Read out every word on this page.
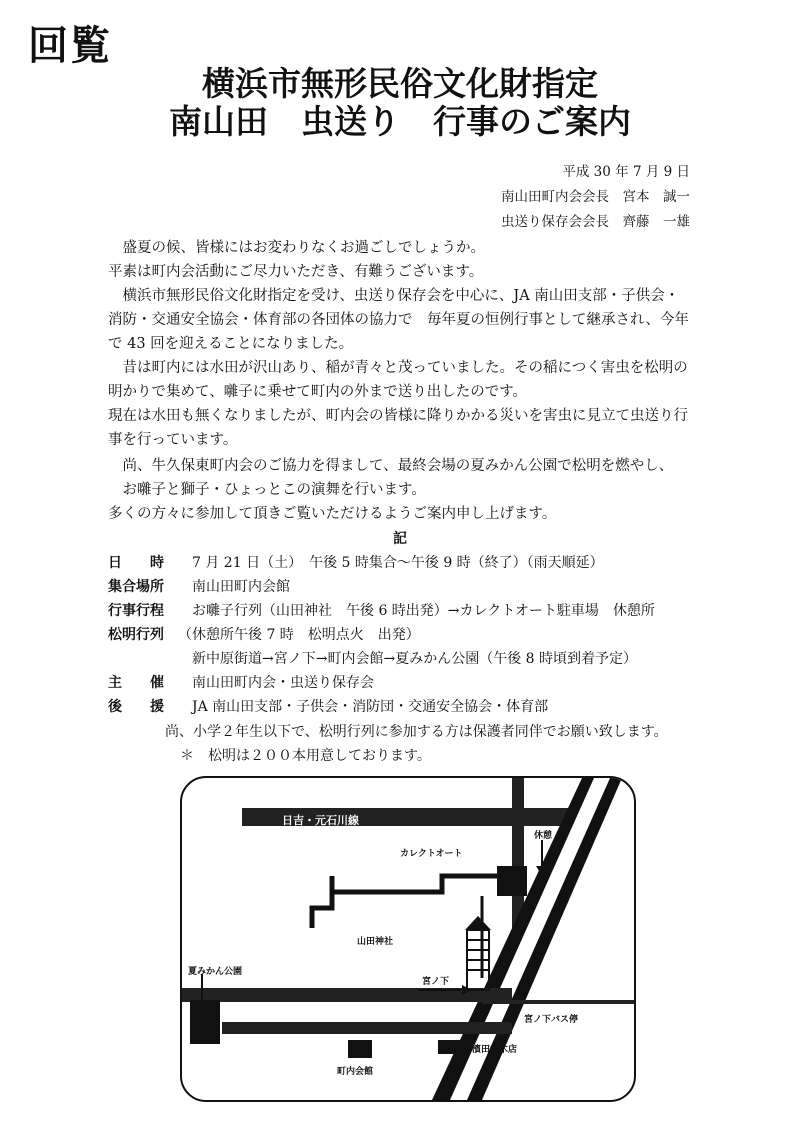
回覧
横浜市無形民俗文化財指定
南山田　虫送り　行事のご案内
平成 30 年 7 月 9 日
南山田町内会会長　宮本　誠一
虫送り保存会会長　齊藤　一雄
　盛夏の候、皆様にはお変わりなくお過ごしでしょうか。
平素は町内会活動にご尽力いただき、有難うございます。
　横浜市無形民俗文化財指定を受け、虫送り保存会を中心に、JA 南山田支部・子供会・
消防・交通安全協会・体育部の各団体の協力で　毎年夏の恒例行事として継承され、今年
で 43 回を迎えることになりました。
　昔は町内には水田が沢山あり、稲が青々と茂っていました。その稲につく害虫を松明の
明かりで集めて、囃子に乗せて町内の外まで送り出したのです。
現在は水田も無くなりましたが、町内会の皆様に降りかかる災いを害虫に見立て虫送り行
事を行っています。
　尚、牛久保東町内会のご協力を得まして、最終会場の夏みかん公園で松明を燃やし、
　お囃子と獅子・ひょっとこの演舞を行います。
多くの方々に参加して頂きご覧いただけるようご案内申し上げます。
記
日　　時 7 月 21 日（土）　午後 5 時集合～午後 9 時（終了）（雨天順延）
集合場所 南山田町内会館
行事行程 お囃子行列（山田神社　午後 6 時出発）→カレクトオート駐車場　休憩所
松明行列 （休憩所午後 7 時　松明点火　出発）
新中原街道→宮ノ下→町内会館→夏みかん公園（午後 8 時頃到着予定）
主　　催 南山田町内会・虫送り保存会
後　　援 JA 南山田支部・子供会・消防団・交通安全協会・体育部
尚、小学２年生以下で、松明行列に参加する方は保護者同伴でお願い致します。
＊　松明は２００本用意しております。
日吉・元石川線
カレクトオート
休憩
山田神社
宮ノ下
夏みかん公園
宮ノ下バス停
濱田材木店
町内会館
